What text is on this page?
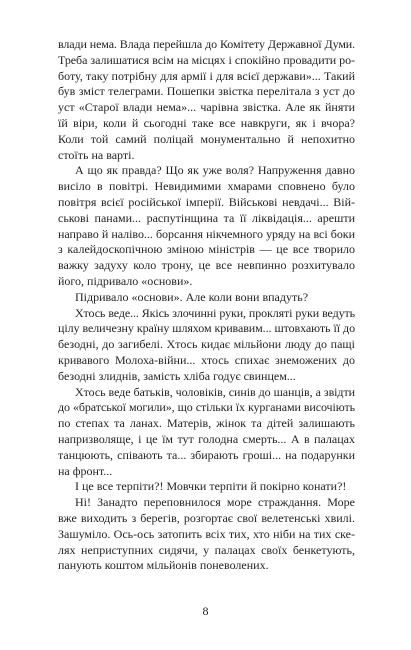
влади нема. Влада перейшла до Комітету Державної Думи.
Треба залишатися всім на місцях і спокійно провадити ро-
боту, таку потрібну для армії і для всієї держави»... Такий
був зміст телеграми. Пошепки звістка перелітала з уст до
уст «Старої влади нема»... чарівна звістка. Але як йняти
їй віри, коли й сьогодні таке все навкруги, як і вчора?
Коли той самий поліцай монументально й непохитно
стоїть на варті.
А що як правда? Що як уже воля? Напруження давно
висіло в повітрі. Невидимими хмарами сповнено було
повітря всієї російської імперії. Військові невдачі... Вій-
ськові панами... распутінщина та її ліквідація... арешти
направо й наліво... борсання нікчемного уряду на всі боки
з калейдоскопічною зміною міністрів — це все творило
важку задуху коло трону, це все невпинно розхитувало
його, підривало «основи».
Підривало «основи». Але коли вони впадуть?
Хтось веде... Якісь злочинні руки, прокляті руки ведуть
цілу величезну країну шляхом кривавим... штовхають її до
безодні, до загибелі. Хтось кидає мільйони люду до пащі
кривавого Молоха-війни... хтось спихає знеможених до
безодні злиднів, замість хліба годує свинцем...
Хтось веде батьків, чоловіків, синів до шанців, а звідти
до «братської могили», що стільки їх курганами височіють
по степах та ланах. Матерів, жінок та дітей залишають
напризволяще, і це їм тут голодна смерть... А в палацах
танцюють, співають та... збирають гроші... на подарунки
на фронт...
І це все терпіти?! Мовчки терпіти й покірно конати?!
Ні! Занадто переповнилося море страждання. Море
вже виходить з берегів, розгортає свої велетенські хвилі.
Зашуміло. Ось-ось затопить всіх тих, хто ніби на тих ске-
лях неприступних сидячи, у палацах своїх бенкетують,
панують коштом мільйонів поневолених.
8
